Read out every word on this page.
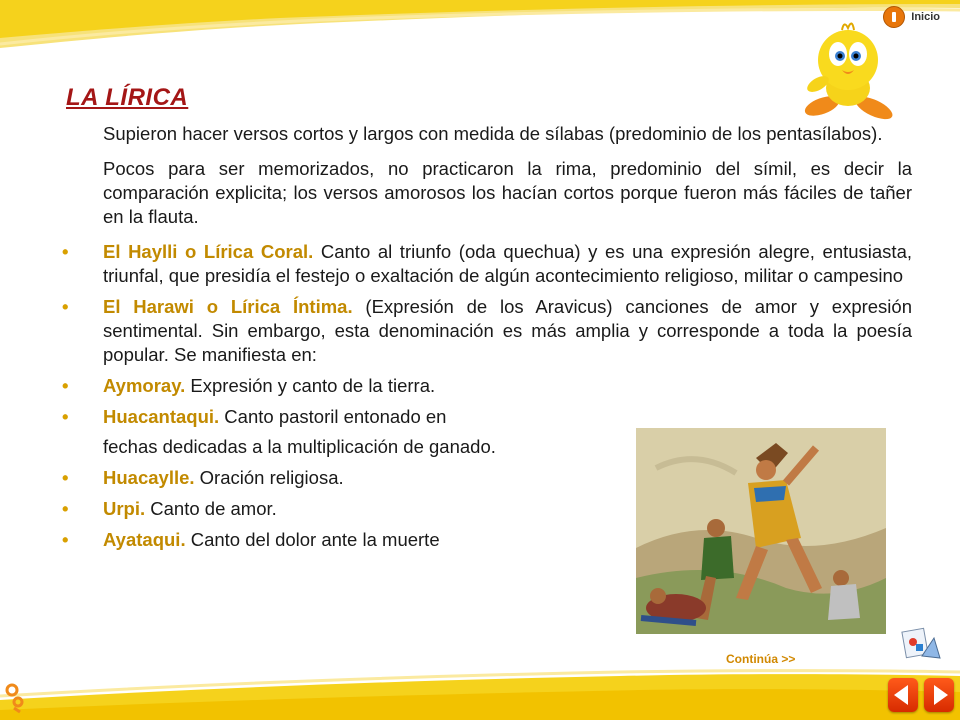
Inicio
LA LÍRICA

Supieron hacer versos cortos y largos con medida de sílabas (predominio de los pentasílabos).

Pocos para ser memorizados, no practicaron la rima, predominio del símil, es decir la comparación explicita; los versos amorosos los hacían cortos porque fueron más fáciles de tañer en la flauta.

• El Haylli o Lírica Coral. Canto al triunfo (oda quechua) y es una expresión alegre, entusiasta, triunfal, que presidía el festejo o exaltación de algún acontecimiento religioso, militar o campesino
• El Harawi o Lírica Íntima. (Expresión de los Aravicus) canciones de amor y expresión sentimental. Sin embargo, esta denominación es más amplia y corresponde a toda la poesía popular. Se manifiesta en:
• Aymoray. Expresión y canto de la tierra.
• Huacantaqui. Canto pastoril entonado en
fechas dedicadas a la multiplicación de ganado.
• Huacaylle. Oración religiosa.
• Urpi. Canto de amor.
• Ayataqui. Canto del dolor ante la muerte
Continúa >>
